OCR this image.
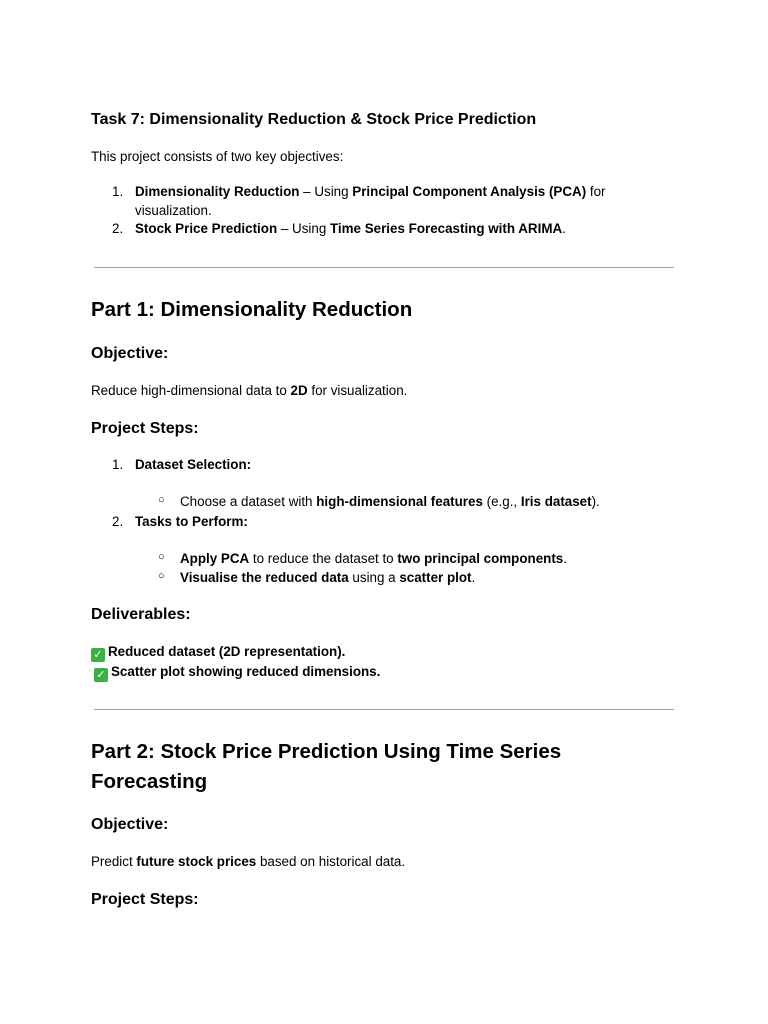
Task 7: Dimensionality Reduction & Stock Price Prediction
This project consists of two key objectives:
1. Dimensionality Reduction – Using Principal Component Analysis (PCA) for
visualization.
2. Stock Price Prediction – Using Time Series Forecasting with ARIMA.
Part 1: Dimensionality Reduction
Objective:
Reduce high-dimensional data to 2D for visualization.
Project Steps:
1. Dataset Selection:
○ Choose a dataset with high-dimensional features (e.g., Iris dataset).
2. Tasks to Perform:
○ Apply PCA to reduce the dataset to two principal components.
○ Visualise the reduced data using a scatter plot.
Deliverables:
✓ Reduced dataset (2D representation).
✓ Scatter plot showing reduced dimensions.
Part 2: Stock Price Prediction Using Time Series
Forecasting
Objective:
Predict future stock prices based on historical data.
Project Steps:
